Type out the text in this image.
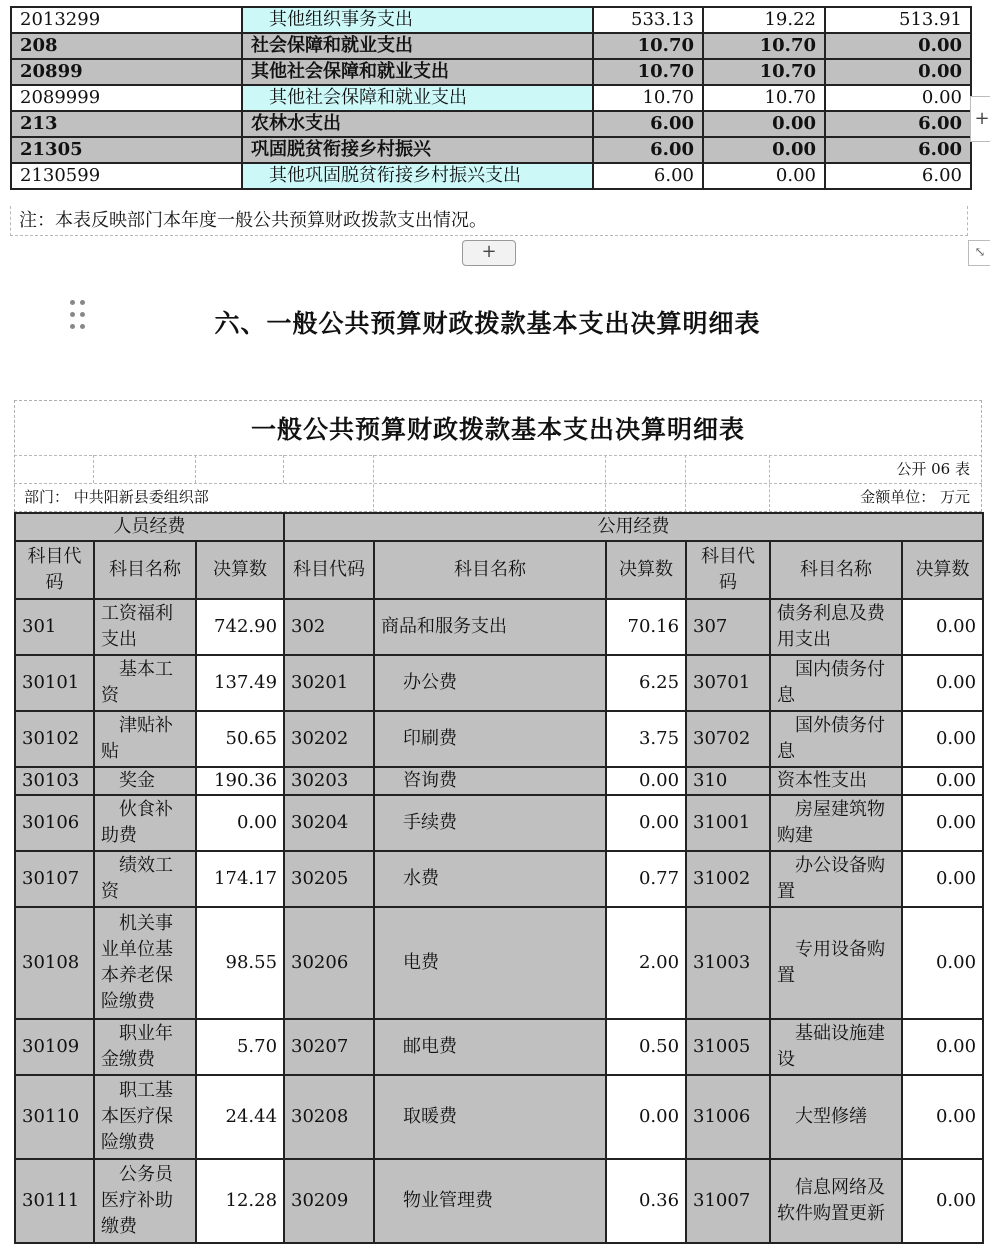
2013299	其他组织事务支出	533.13	19.22	513.91
208	社会保障和就业支出	10.70	10.70	0.00
20899	其他社会保障和就业支出	10.70	10.70	0.00
2089999	其他社会保障和就业支出	10.70	10.70	0.00
213	农林水支出	6.00	0.00	6.00
21305	巩固脱贫衔接乡村振兴	6.00	0.00	6.00
2130599	其他巩固脱贫衔接乡村振兴支出	6.00	0.00	6.00
注：本表反映部门本年度一般公共预算财政拨款支出情况。
+
+	⤡
六、一般公共预算财政拨款基本支出决算明细表
一般公共预算财政拨款基本支出决算明细表
公开 06 表
部门： 中共阳新县委组织部	金额单位： 万元
人员经费			公用经费					
科目代码	科目名称	决算数	科目代码	科目名称	决算数	科目代码	科目名称	决算数
301	工资福利支出	742.90	302	商品和服务支出	70.16	307	债务利息及费用支出	0.00
30101	基本工资	137.49	30201	办公费	6.25	30701	国内债务付息	0.00
30102	津贴补贴	50.65	30202	印刷费	3.75	30702	国外债务付息	0.00
30103	奖金	190.36	30203	咨询费	0.00	310	资本性支出	0.00
30106	伙食补助费	0.00	30204	手续费	0.00	31001	房屋建筑物购建	0.00
30107	绩效工资	174.17	30205	水费	0.77	31002	办公设备购置	0.00
30108	机关事业单位基本养老保险缴费	98.55	30206	电费	2.00	31003	专用设备购置	0.00
30109	职业年金缴费	5.70	30207	邮电费	0.50	31005	基础设施建设	0.00
30110	职工基本医疗保险缴费	24.44	30208	取暖费	0.00	31006	大型修缮	0.00
30111	公务员医疗补助缴费	12.28	30209	物业管理费	0.36	31007	信息网络及软件购置更新	0.00
